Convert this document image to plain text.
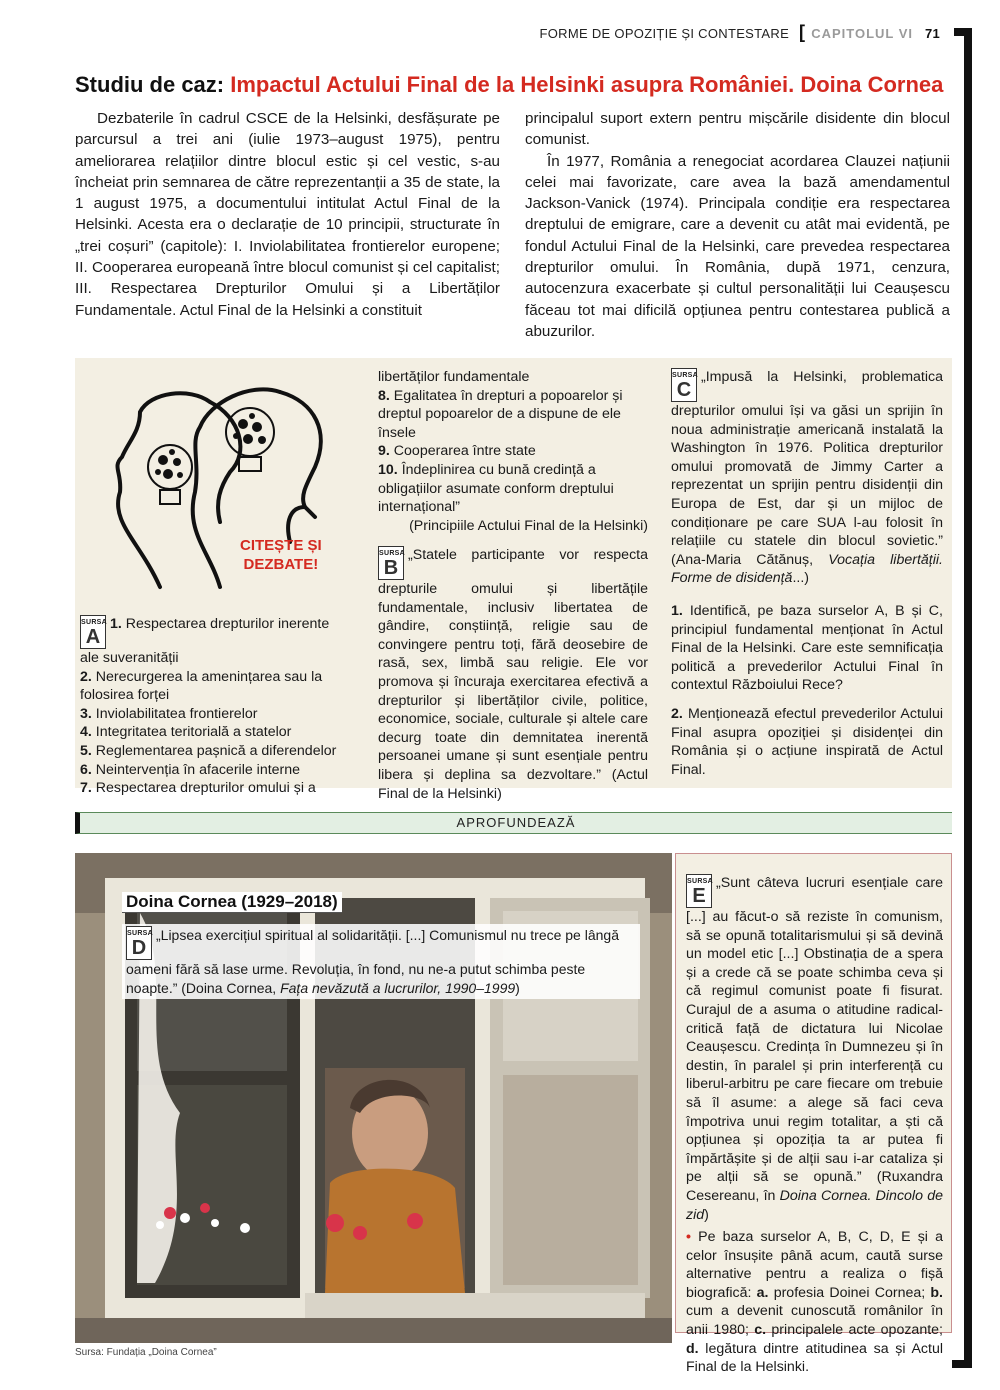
FORME DE OPOZIȚIE ȘI CONTESTARE [ CAPITOLUL VI 71
Studiu de caz: Impactul Actului Final de la Helsinki asupra României. Doina Cornea

Dezbaterile în cadrul CSCE de la Helsinki, desfășurate pe parcursul a trei ani (iulie 1973–august 1975), pentru ameliorarea relațiilor dintre blocul estic și cel vestic, s-au încheiat prin semnarea de către reprezentanții a 35 de state, la 1 august 1975, a documentului intitulat Actul Final de la Helsinki. Acesta era o declarație de 10 principii, structurate în „trei coșuri” (capitole): I. Inviolabilitatea frontierelor europene; II. Cooperarea europeană între blocul comunist și cel capitalist; III. Respectarea Drepturilor Omului și a Libertăților Fundamentale. Actul Final de la Helsinki a constituit

principalul suport extern pentru mișcările disidente din blocul comunist.

În 1977, România a renegociat acordarea Clauzei națiunii celei mai favorizate, care avea la bază amendamentul Jackson-Vanick (1974). Principala condiție era respectarea dreptului de emigrare, care a devenit cu atât mai evidentă, pe fondul Actului Final de la Helsinki, care prevedea respectarea drepturilor omului. În România, după 1971, cenzura, autocenzura exacerbate și cultul personalității lui Ceaușescu făceau tot mai dificilă opțiunea pentru contestarea publică a abuzurilor.

CITEȘTE ȘI
DEZBATE!

SURSA
A
1. Respectarea drepturilor inerente ale suveranității

2. Nerecurgerea la amenințarea sau la folosirea forței

3. Inviolabilitatea frontierelor

4. Integritatea teritorială a statelor

5. Reglementarea pașnică a diferendelor

6. Neintervenția în afacerile interne

7. Respectarea drepturilor omului și a

libertăților fundamentale

8. Egalitatea în drepturi a popoarelor și dreptul popoarelor de a dispune de ele însele

9. Cooperarea între state

10. Îndeplinirea cu bună credință a obligațiilor asumate conform dreptului internațional”

(Principiile Actului Final de la Helsinki)

SURSA
B
„Statele participante vor respecta drepturile omului și libertățile fundamentale, inclusiv libertatea de gândire, conștiință, religie sau de convingere pentru toți, fără deosebire de rasă, sex, limbă sau religie. Ele vor promova și încuraja exercitarea efectivă a drepturilor și libertăților civile, politice, economice, sociale, culturale și altele care decurg toate din demnitatea inerentă persoanei umane și sunt esențiale pentru libera și deplina sa dezvoltare.” (Actul Final de la Helsinki)

SURSA
C
„Impusă la Helsinki, problematica drepturilor omului își va găsi un sprijin în noua administrație americană instalată la Washington în 1976. Politica drepturilor omului promovată de Jimmy Carter a reprezentat un sprijin pentru disidenții din Europa de Est, dar și un mijloc de condiționare pe care SUA l-au folosit în relațiile cu statele din blocul sovietic.” (Ana-Maria Cătănuș, Vocația libertății. Forme de disidență...)

1. Identifică, pe baza surselor A, B și C, principiul fundamental menționat în Actul Final de la Helsinki. Care este semnificația politică a prevederilor Actului Final în contextul Războiului Rece?

2. Menționează efectul prevederilor Actului Final asupra opoziției și disidenței din România și o acțiune inspirată de Actul Final.

APROFUNDEAZĂ
Doina Cornea (1929–2018)
SURSA
D
„Lipsea exercițiul spiritual al solidarității. [...] Comunismul nu trece pe lângă oameni fără să lase urme. Revoluția, în fond, nu ne-a putut schimba peste noapte.” (Doina Cornea, Fața nevăzută a lucrurilor, 1990–1999)
Sursa: Fundația „Doina Cornea”

SURSA
E
„Sunt câteva lucruri esențiale care [...] au făcut-o să reziste în comunism, să se opună totalitarismului și să devină un model etic [...] Obstinația de a spera și a crede că se poate schimba ceva și că regimul comunist poate fi fisurat. Curajul de a asuma o atitudine radical-critică față de dictatura lui Nicolae Ceaușescu. Credința în Dumnezeu și în destin, în paralel și prin interferență cu liberul-arbitru pe care fiecare om trebuie să îl asume: a alege să faci ceva împotriva unui regim totalitar, a ști că opțiunea și opoziția ta ar putea fi împărtășite și de alții sau i-ar cataliza și pe alții să se opună.” (Ruxandra Cesereanu, în Doina Cornea. Dincolo de zid)

• Pe baza surselor A, B, C, D, E și a celor însușite până acum, caută surse alternative pentru a realiza o fișă biografică: a. profesia Doinei Cornea; b. cum a devenit cunoscută românilor în anii 1980; c. principalele acte opozante; d. legătura dintre atitudinea sa și Actul Final de la Helsinki.
